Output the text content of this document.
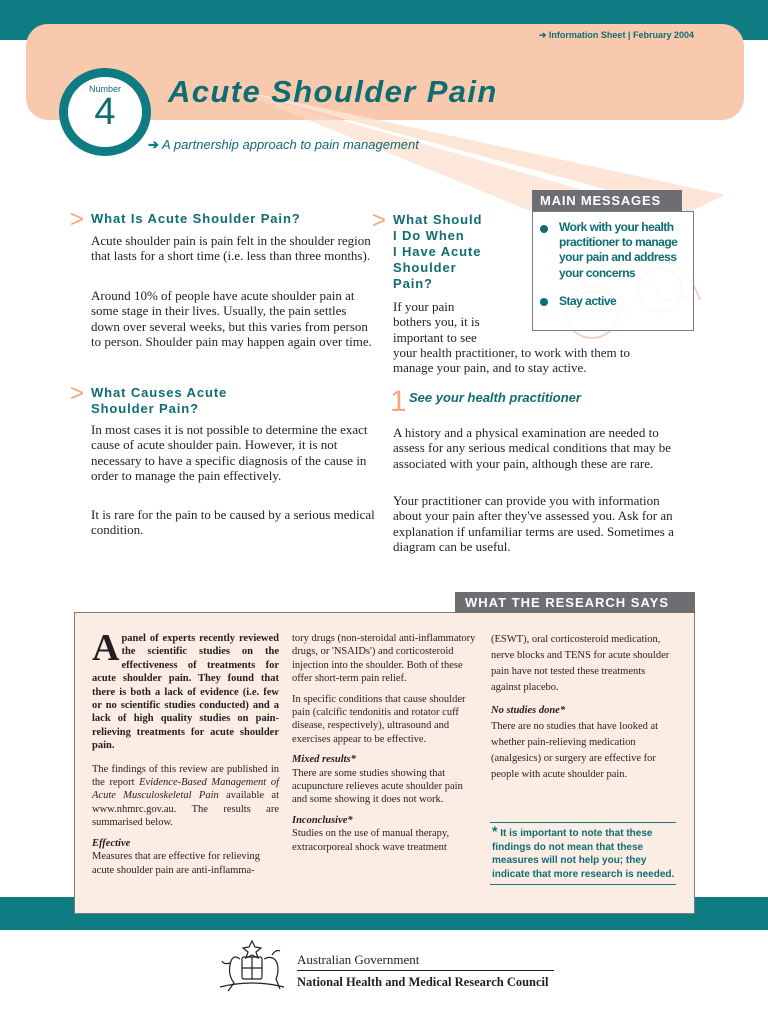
➔ Information Sheet | February 2004
Number
4	Acute Shoulder Pain
➔ A partnership approach to pain management
> What Is Acute Shoulder Pain?
Acute shoulder pain is pain felt in the shoulder region that lasts for a short time (i.e. less than three months).
Around 10% of people have acute shoulder pain at some stage in their lives. Usually, the pain settles down over several weeks, but this varies from person to person. Shoulder pain may happen again over time.
> What Causes Acute
Shoulder Pain?
In most cases it is not possible to determine the exact cause of acute shoulder pain. However, it is not necessary to have a specific diagnosis of the cause in order to manage the pain effectively.
It is rare for the pain to be caused by a serious medical condition.
> What Should
I Do When
I Have Acute
Shoulder
Pain?
If your pain
bothers you, it is
important to see
your health practitioner, to work with them to manage your pain, and to stay active.
1 See your health practitioner
A history and a physical examination are needed to assess for any serious medical conditions that may be associated with your pain, although these are rare.
Your practitioner can provide you with information about your pain after they've assessed you. Ask for an explanation if unfamiliar terms are used. Sometimes a diagram can be useful.
MAIN MESSAGES
Work with your health practitioner to manage your pain and address your concerns
Stay active
WHAT THE RESEARCH SAYS

A panel of experts recently reviewed the scientific studies on the effectiveness of treatments for acute shoulder pain. They found that there is both a lack of evidence (i.e. few or no scientific studies conducted) and a lack of high quality studies on pain-relieving treatments for acute shoulder pain.

The findings of this review are published in the report Evidence-Based Management of Acute Musculoskeletal Pain available at www.nhmrc.gov.au. The results are summarised below.

Effective
Measures that are effective for relieving acute shoulder pain are anti-inflamma-

tory drugs (non-steroidal anti-inflammatory drugs, or 'NSAIDs') and corticosteroid injection into the shoulder. Both of these offer short-term pain relief.

In specific conditions that cause shoulder pain (calcific tendonitis and rotator cuff disease, respectively), ultrasound and exercises appear to be effective.

Mixed results*

There are some studies showing that acupuncture relieves acute shoulder pain and some showing it does not work.

Inconclusive*
Studies on the use of manual therapy, extracorporeal shock wave treatment

(ESWT), oral corticosteroid medication, nerve blocks and TENS for acute shoulder pain have not tested these treatments against placebo.

No studies done*
There are no studies that have looked at whether pain-relieving medication (analgesics) or surgery are effective for people with acute shoulder pain.
* It is important to note that these findings do not mean that these measures will not help you; they indicate that more research is needed.
Australian Government
National Health and Medical Research Council
